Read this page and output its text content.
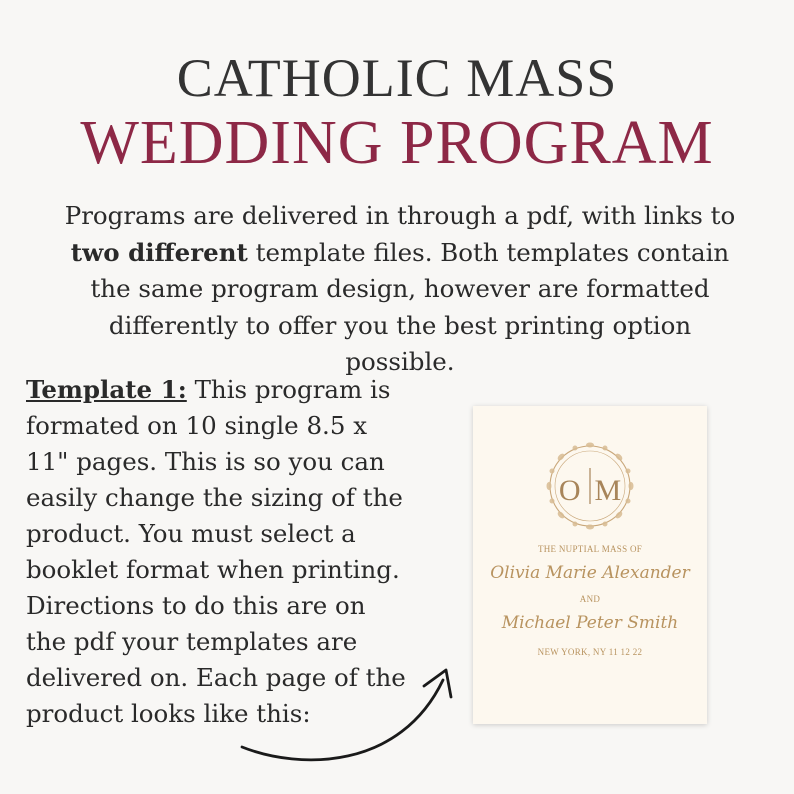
CATHOLIC MASS
WEDDING PROGRAM
Programs are delivered in through a pdf, with links to two different template files. Both templates contain the same program design, however are formatted differently to offer you the best printing option possible.
Template 1: This program is formated on 10 single 8.5 x 11" pages. This is so you can easily change the sizing of the product. You must select a booklet format when printing. Directions to do this are on the pdf your templates are delivered on. Each page of the product looks like this:
O M
THE NUPTIAL MASS OF
Olivia Marie Alexander
AND
Michael Peter Smith
NEW YORK, NY 11 12 22
